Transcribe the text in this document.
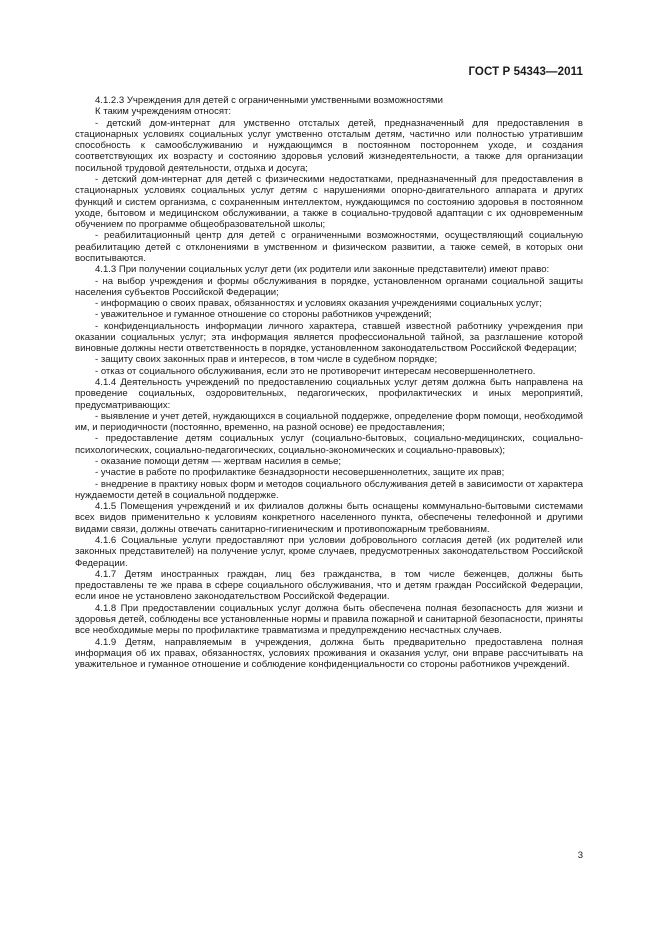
ГОСТ Р 54343—2011

4.1.2.3 Учреждения для детей с ограниченными умственными возможностями

К таким учреждениям относят:

- детский дом-интернат для умственно отсталых детей, предназначенный для предоставления в стационарных условиях социальных услуг умственно отсталым детям, частично или полностью утратившим способность к самообслуживанию и нуждающимся в постоянном постороннем уходе, и создания соответствующих их возрасту и состоянию здоровья условий жизнедеятельности, а также для организации посильной трудовой деятельности, отдыха и досуга;

- детский дом-интернат для детей с физическими недостатками, предназначенный для предоставления в стационарных условиях социальных услуг детям с нарушениями опорно-двигательного аппарата и других функций и систем организма, с сохраненным интеллектом, нуждающимся по состоянию здоровья в постоянном уходе, бытовом и медицинском обслуживании, а также в социально-трудовой адаптации с их одновременным обучением по программе общеобразовательной школы;

- реабилитационный центр для детей с ограниченными возможностями, осуществляющий социальную реабилитацию детей с отклонениями в умственном и физическом развитии, а также семей, в которых они воспитываются.

4.1.3 При получении социальных услуг дети (их родители или законные представители) имеют право:

- на выбор учреждения и формы обслуживания в порядке, установленном органами социальной защиты населения субъектов Российской Федерации;

- информацию о своих правах, обязанностях и условиях оказания учреждениями социальных услуг;

- уважительное и гуманное отношение со стороны работников учреждений;

- конфиденциальность информации личного характера, ставшей известной работнику учреждения при оказании социальных услуг; эта информация является профессиональной тайной, за разглашение которой виновные должны нести ответственность в порядке, установленном законодательством Российской Федерации;

- защиту своих законных прав и интересов, в том числе в судебном порядке;

- отказ от социального обслуживания, если это не противоречит интересам несовершеннолетнего.

4.1.4 Деятельность учреждений по предоставлению социальных услуг детям должна быть направлена на проведение социальных, оздоровительных, педагогических, профилактических и иных мероприятий, предусматривающих:

- выявление и учет детей, нуждающихся в социальной поддержке, определение форм помощи, необходимой им, и периодичности (постоянно, временно, на разной основе) ее предоставления;

- предоставление детям социальных услуг (социально-бытовых, социально-медицинских, социально-психологических, социально-педагогических, социально-экономических и социально-правовых);

- оказание помощи детям — жертвам насилия в семье;

- участие в работе по профилактике безнадзорности несовершеннолетних, защите их прав;

- внедрение в практику новых форм и методов социального обслуживания детей в зависимости от характера нуждаемости детей в социальной поддержке.

4.1.5 Помещения учреждений и их филиалов должны быть оснащены коммунально-бытовыми системами всех видов применительно к условиям конкретного населенного пункта, обеспечены телефонной и другими видами связи, должны отвечать санитарно-гигиеническим и противопожарным требованиям.

4.1.6 Социальные услуги предоставляют при условии добровольного согласия детей (их родителей или законных представителей) на получение услуг, кроме случаев, предусмотренных законодательством Российской Федерации.

4.1.7 Детям иностранных граждан, лиц без гражданства, в том числе беженцев, должны быть предоставлены те же права в сфере социального обслуживания, что и детям граждан Российской Федерации, если иное не установлено законодательством Российской Федерации.

4.1.8 При предоставлении социальных услуг должна быть обеспечена полная безопасность для жизни и здоровья детей, соблюдены все установленные нормы и правила пожарной и санитарной безопасности, приняты все необходимые меры по профилактике травматизма и предупреждению несчастных случаев.

4.1.9 Детям, направляемым в учреждения, должна быть предварительно предоставлена полная информация об их правах, обязанностях, условиях проживания и оказания услуг, они вправе рассчитывать на уважительное и гуманное отношение и соблюдение конфиденциальности со стороны работников учреждений.

3
